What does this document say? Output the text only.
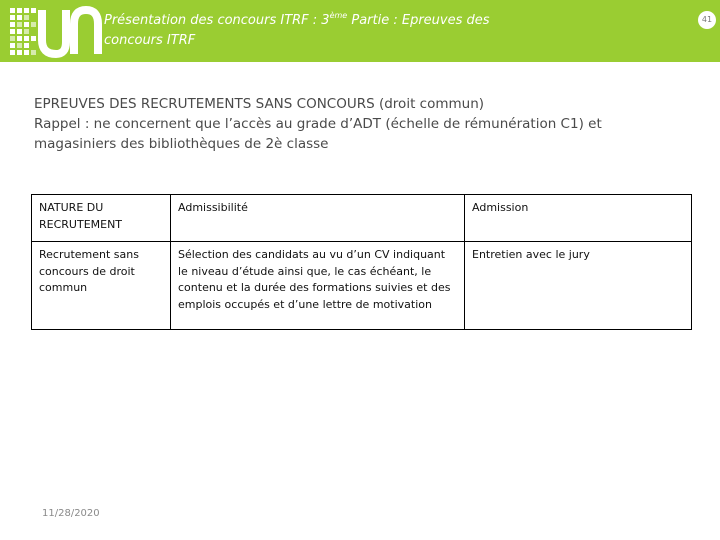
Présentation des concours ITRF : 3ème Partie : Epreuves des concours ITRF
41
EPREUVES DES RECRUTEMENTS SANS CONCOURS (droit commun)
Rappel : ne concernent que l’accès au grade d’ADT (échelle de rémunération C1) et
magasiniers des bibliothèques de 2è classe
NATURE DU RECRUTEMENT	Admissibilité	Admission
Recrutement sans concours de droit commun	Sélection des candidats au vu d’un CV indiquant le niveau d’étude ainsi que, le cas échéant, le contenu et la durée des formations suivies et des emplois occupés et d’une lettre de motivation	Entretien avec le jury
11/28/2020
